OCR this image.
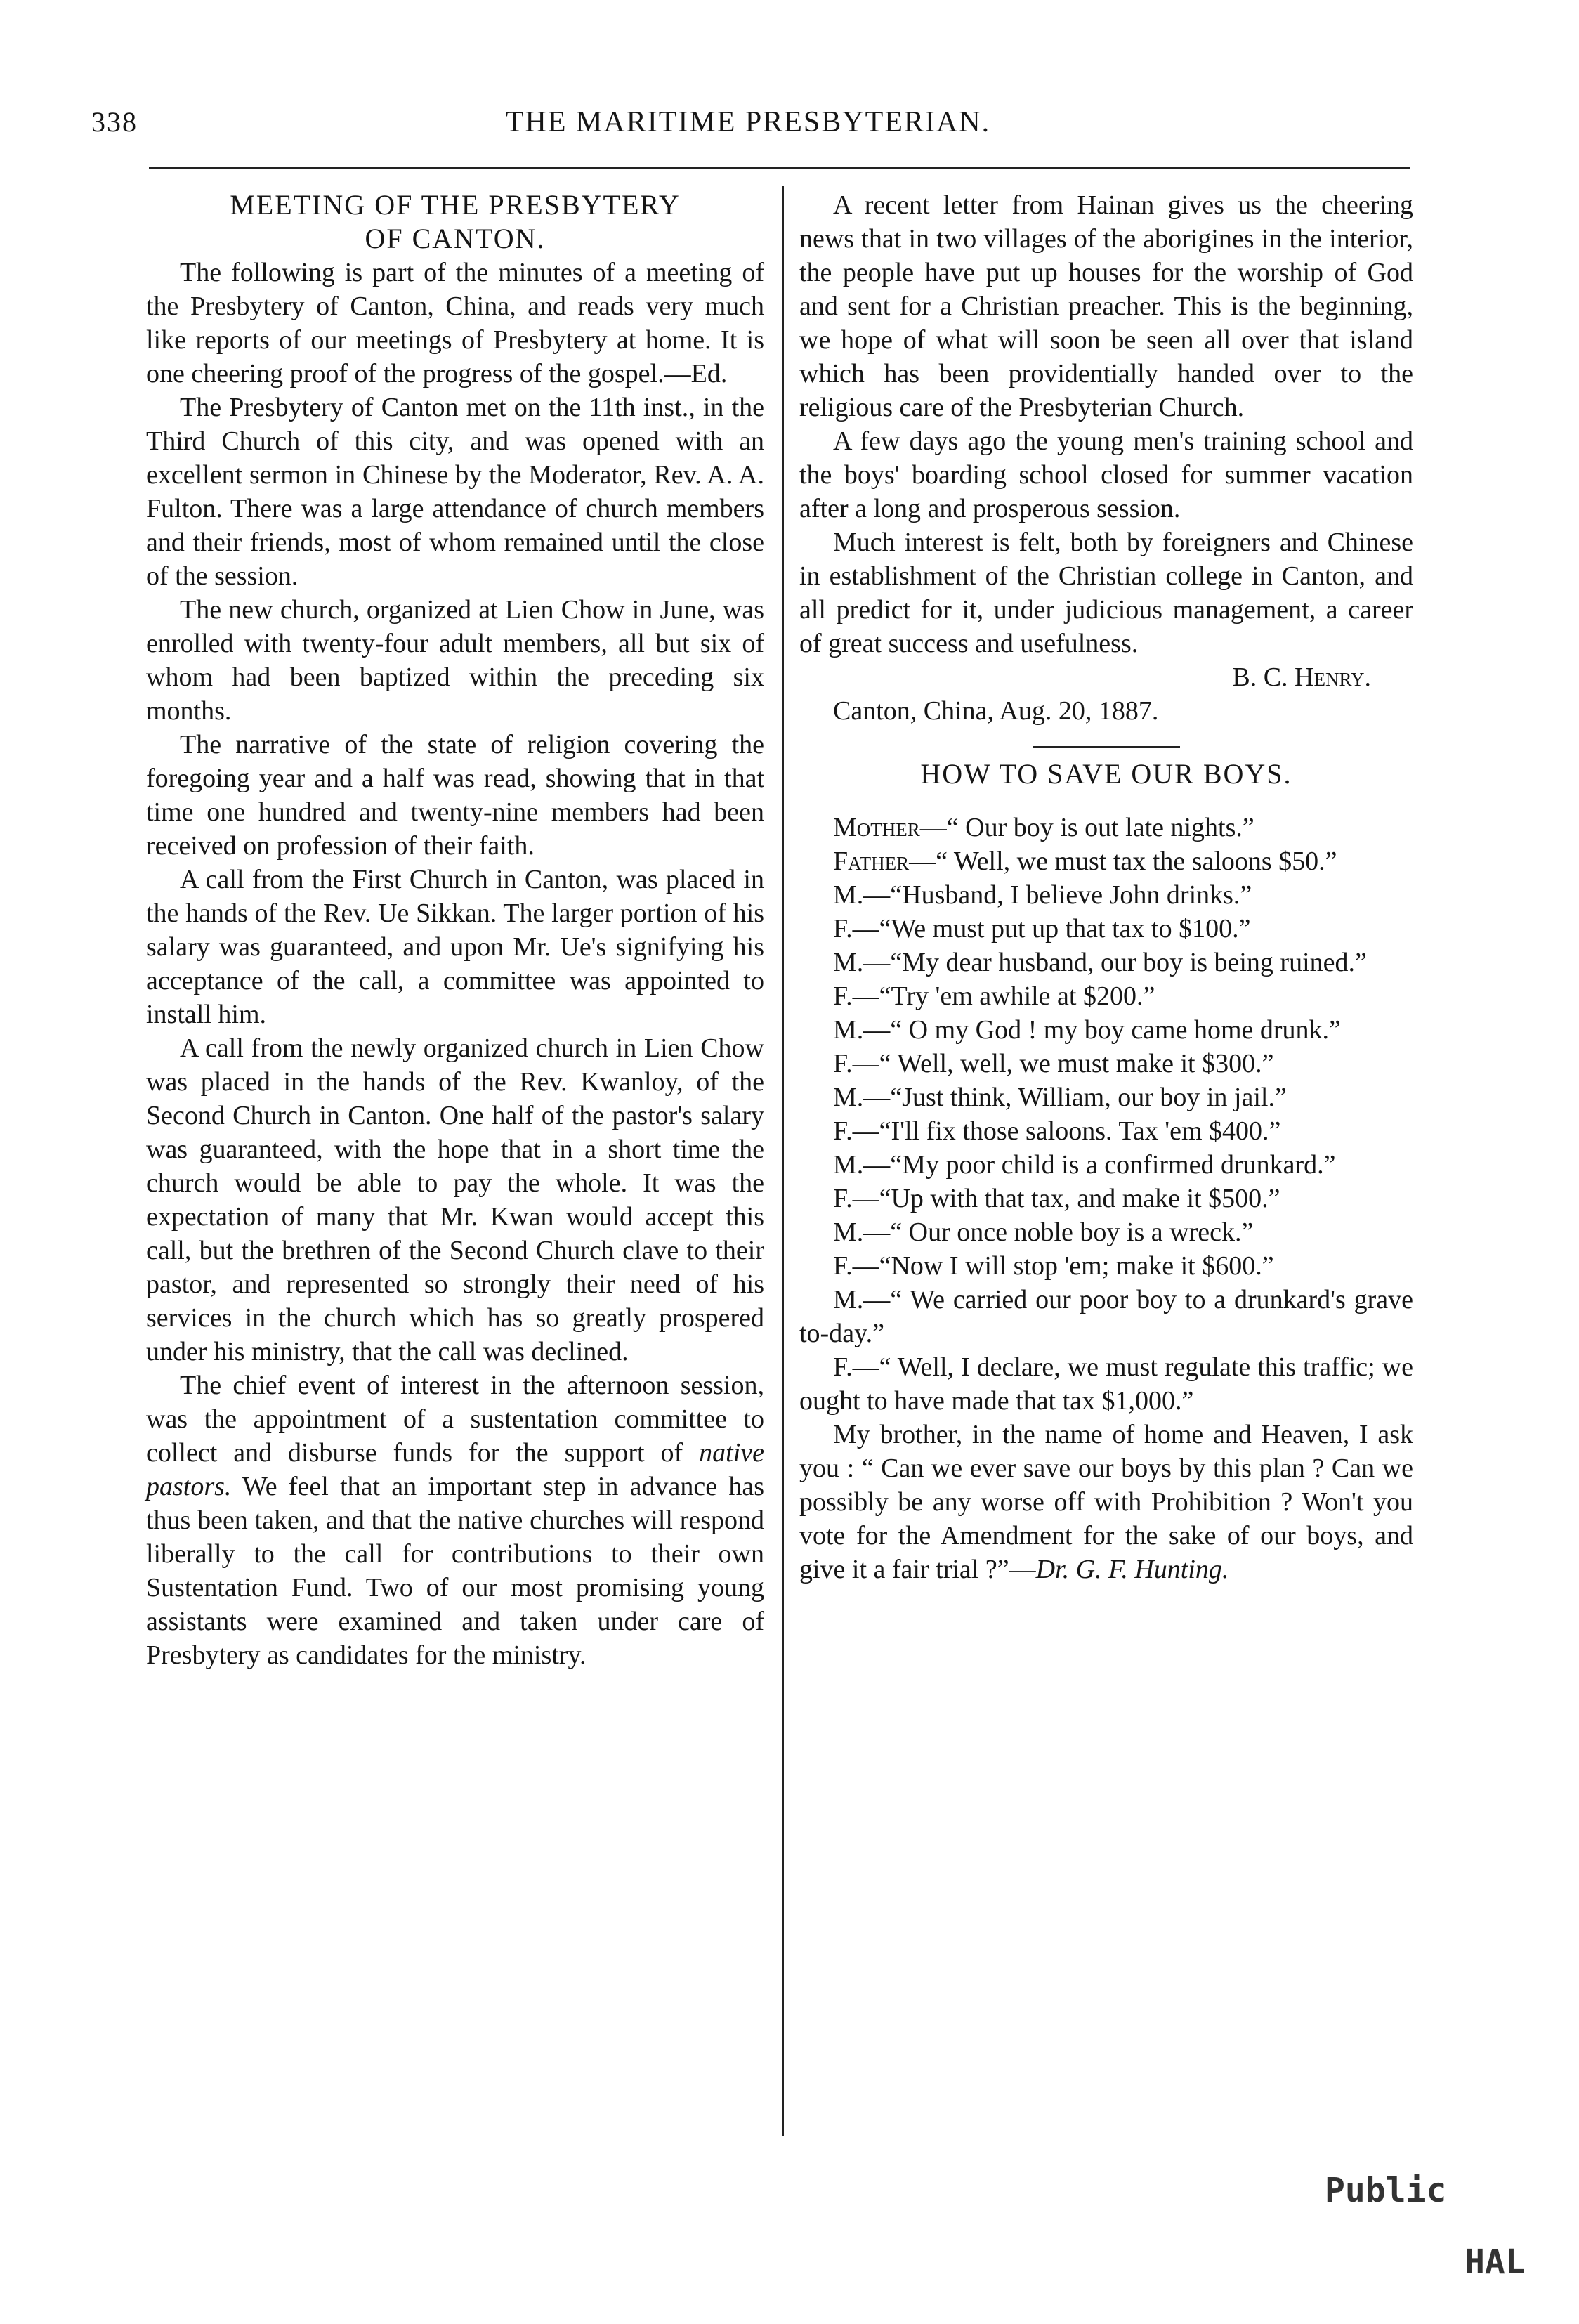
338	THE MARITIME PRESBYTERIAN.
MEETING OF THE PRESBYTERY
OF CANTON.

The following is part of the minutes of a meeting of the Presbytery of Canton, China, and reads very much like reports of our meetings of Presbytery at home. It is one cheering proof of the progress of the gospel.—Ed.

The Presbytery of Canton met on the 11th inst., in the Third Church of this city, and was opened with an excellent sermon in Chinese by the Moderator, Rev. A. A. Fulton. There was a large attendance of church members and their friends, most of whom remained until the close of the session.

The new church, organized at Lien Chow in June, was enrolled with twenty-four adult members, all but six of whom had been baptized within the preceding six months.

The narrative of the state of religion covering the foregoing year and a half was read, showing that in that time one hundred and twenty-nine members had been received on profession of their faith.

A call from the First Church in Canton, was placed in the hands of the Rev. Ue Sikkan. The larger portion of his salary was guaranteed, and upon Mr. Ue's signifying his acceptance of the call, a committee was appointed to install him.

A call from the newly organized church in Lien Chow was placed in the hands of the Rev. Kwanloy, of the Second Church in Canton. One half of the pastor's salary was guaranteed, with the hope that in a short time the church would be able to pay the whole. It was the expectation of many that Mr. Kwan would accept this call, but the brethren of the Second Church clave to their pastor, and represented so strongly their need of his services in the church which has so greatly prospered under his ministry, that the call was declined.

The chief event of interest in the afternoon session, was the appointment of a sustentation committee to collect and disburse funds for the support of native pastors. We feel that an important step in advance has thus been taken, and that the native churches will respond liberally to the call for contributions to their own Sustentation Fund. Two of our most promising young assistants were examined and taken under care of Presbytery as candidates for the ministry.

A recent letter from Hainan gives us the cheering news that in two villages of the aborigines in the interior, the people have put up houses for the worship of God and sent for a Christian preacher. This is the beginning, we hope of what will soon be seen all over that island which has been providentially handed over to the religious care of the Presbyterian Church.

A few days ago the young men's training school and the boys' boarding school closed for summer vacation after a long and prosperous session.

Much interest is felt, both by foreigners and Chinese in establishment of the Christian college in Canton, and all predict for it, under judicious management, a career of great success and usefulness.

B. C. Henry.

Canton, China, Aug. 20, 1887.

HOW TO SAVE OUR BOYS.

Mother—“ Our boy is out late nights.”

Father—“ Well, we must tax the saloons $50.”

M.—“Husband, I believe John drinks.”

F.—“We must put up that tax to $100.”

M.—“My dear husband, our boy is being ruined.”

F.—“Try 'em awhile at $200.”

M.—“ O my God ! my boy came home drunk.”

F.—“ Well, well, we must make it $300.”

M.—“Just think, William, our boy in jail.”

F.—“I'll fix those saloons. Tax 'em $400.”

M.—“My poor child is a confirmed drunkard.”

F.—“Up with that tax, and make it $500.”

M.—“ Our once noble boy is a wreck.”

F.—“Now I will stop 'em; make it $600.”

M.—“ We carried our poor boy to a drunkard's grave to-day.”

F.—“ Well, I declare, we must regulate this traffic; we ought to have made that tax $1,000.”

My brother, in the name of home and Heaven, I ask you : “ Can we ever save our boys by this plan ? Can we possibly be any worse off with Prohibition ? Won't you vote for the Amendment for the sake of our boys, and give it a fair trial ?”—Dr. G. F. Hunting.

Public
HAL
